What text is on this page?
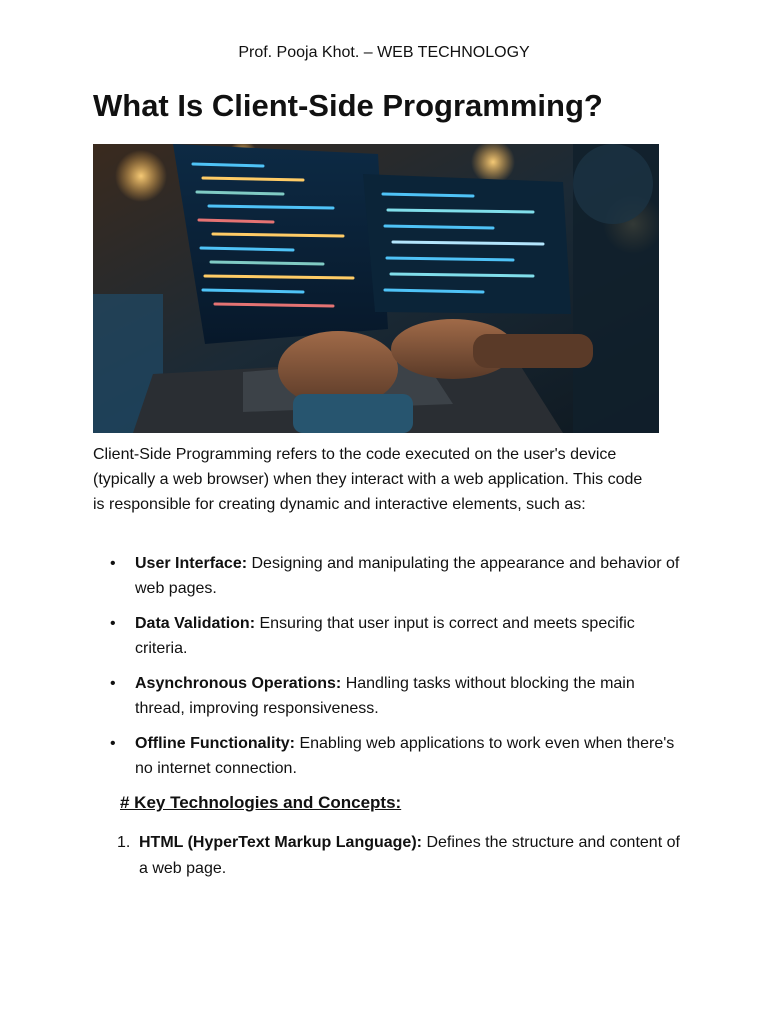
Prof. Pooja Khot. – WEB TECHNOLOGY
What Is Client-Side Programming?

Client-Side Programming refers to the code executed on the user's device (typically a web browser) when they interact with a web application. This code is responsible for creating dynamic and interactive elements, such as:

• User Interface: Designing and manipulating the appearance and behavior of web pages.
• Data Validation: Ensuring that user input is correct and meets specific criteria.
• Asynchronous Operations: Handling tasks without blocking the main thread, improving responsiveness.
• Offline Functionality: Enabling web applications to work even when there's no internet connection.
# Key Technologies and Concepts:
1. HTML (HyperText Markup Language): Defines the structure and content of a web page.
